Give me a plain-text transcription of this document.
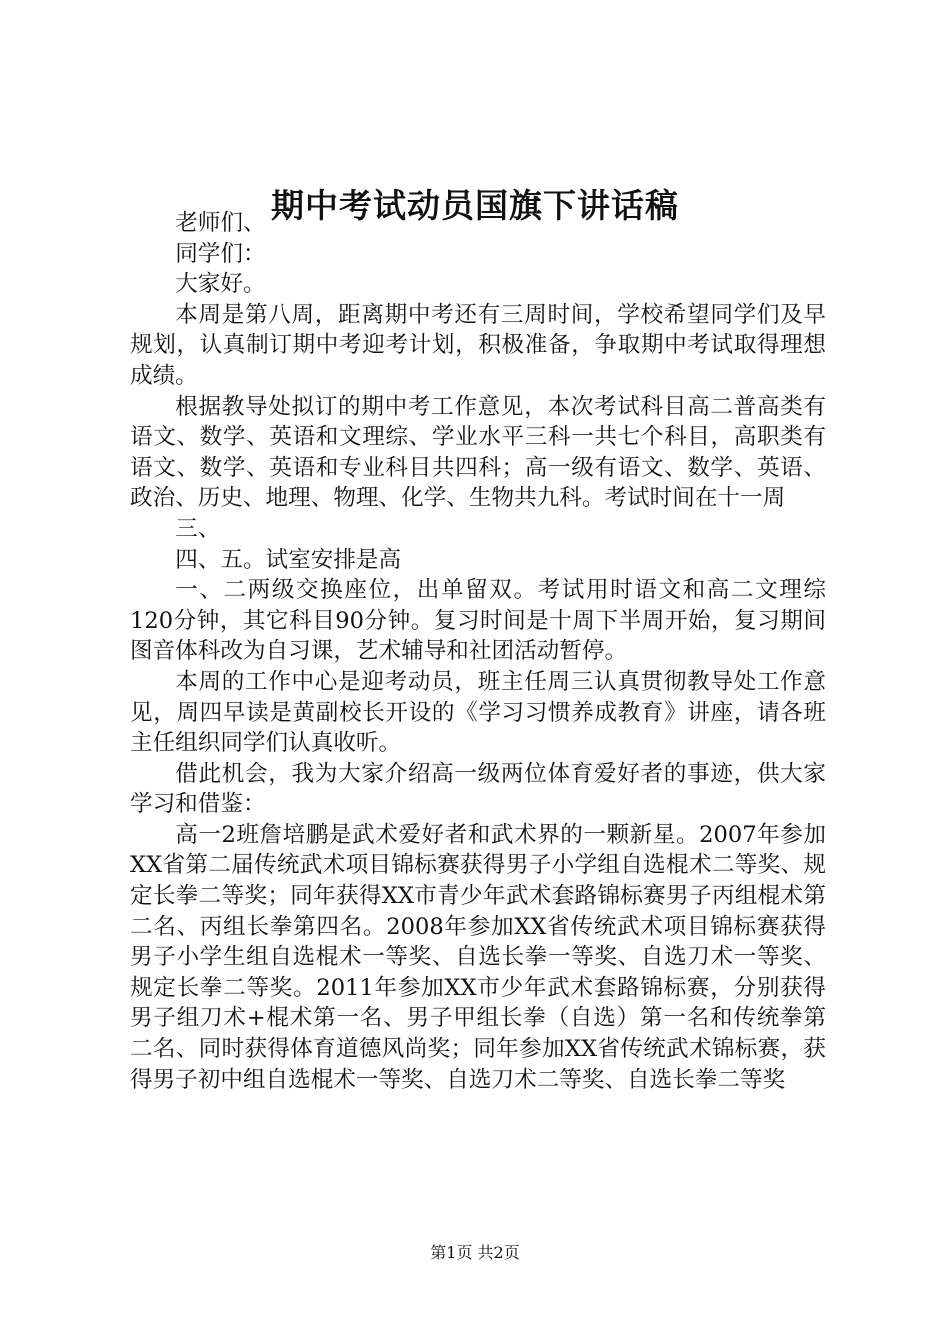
期中考试动员国旗下讲话稿

老师们、

同学们：

大家好。

本周是第八周，距离期中考还有三周时间，学校希望同学们及早规划，认真制订期中考迎考计划，积极准备，争取期中考试取得理想成绩。

根据教导处拟订的期中考工作意见，本次考试科目高二普高类有语文、数学、英语和文理综、学业水平三科一共七个科目，高职类有语文、数学、英语和专业科目共四科；高一级有语文、数学、英语、政治、历史、地理、物理、化学、生物共九科。考试时间在十一周

三、

四、五。试室安排是高

一、二两级交换座位，出单留双。考试用时语文和高二文理综120分钟，其它科目90分钟。复习时间是十周下半周开始，复习期间图音体科改为自习课，艺术辅导和社团活动暂停。

本周的工作中心是迎考动员，班主任周三认真贯彻教导处工作意见，周四早读是黄副校长开设的《学习习惯养成教育》讲座，请各班主任组织同学们认真收听。

借此机会，我为大家介绍高一级两位体育爱好者的事迹，供大家学习和借鉴：

高一2班詹培鹏是武术爱好者和武术界的一颗新星。2007年参加XX省第二届传统武术项目锦标赛获得男子小学组自选棍术二等奖、规定长拳二等奖；同年获得XX市青少年武术套路锦标赛男子丙组棍术第二名、丙组长拳第四名。2008年参加XX省传统武术项目锦标赛获得男子小学生组自选棍术一等奖、自选长拳一等奖、自选刀术一等奖、规定长拳二等奖。2011年参加XX市少年武术套路锦标赛，分别获得男子组刀术+棍术第一名、男子甲组长拳（自选）第一名和传统拳第二名、同时获得体育道德风尚奖；同年参加XX省传统武术锦标赛，获得男子初中组自选棍术一等奖、自选刀术二等奖、自选长拳二等奖

第1页 共2页
